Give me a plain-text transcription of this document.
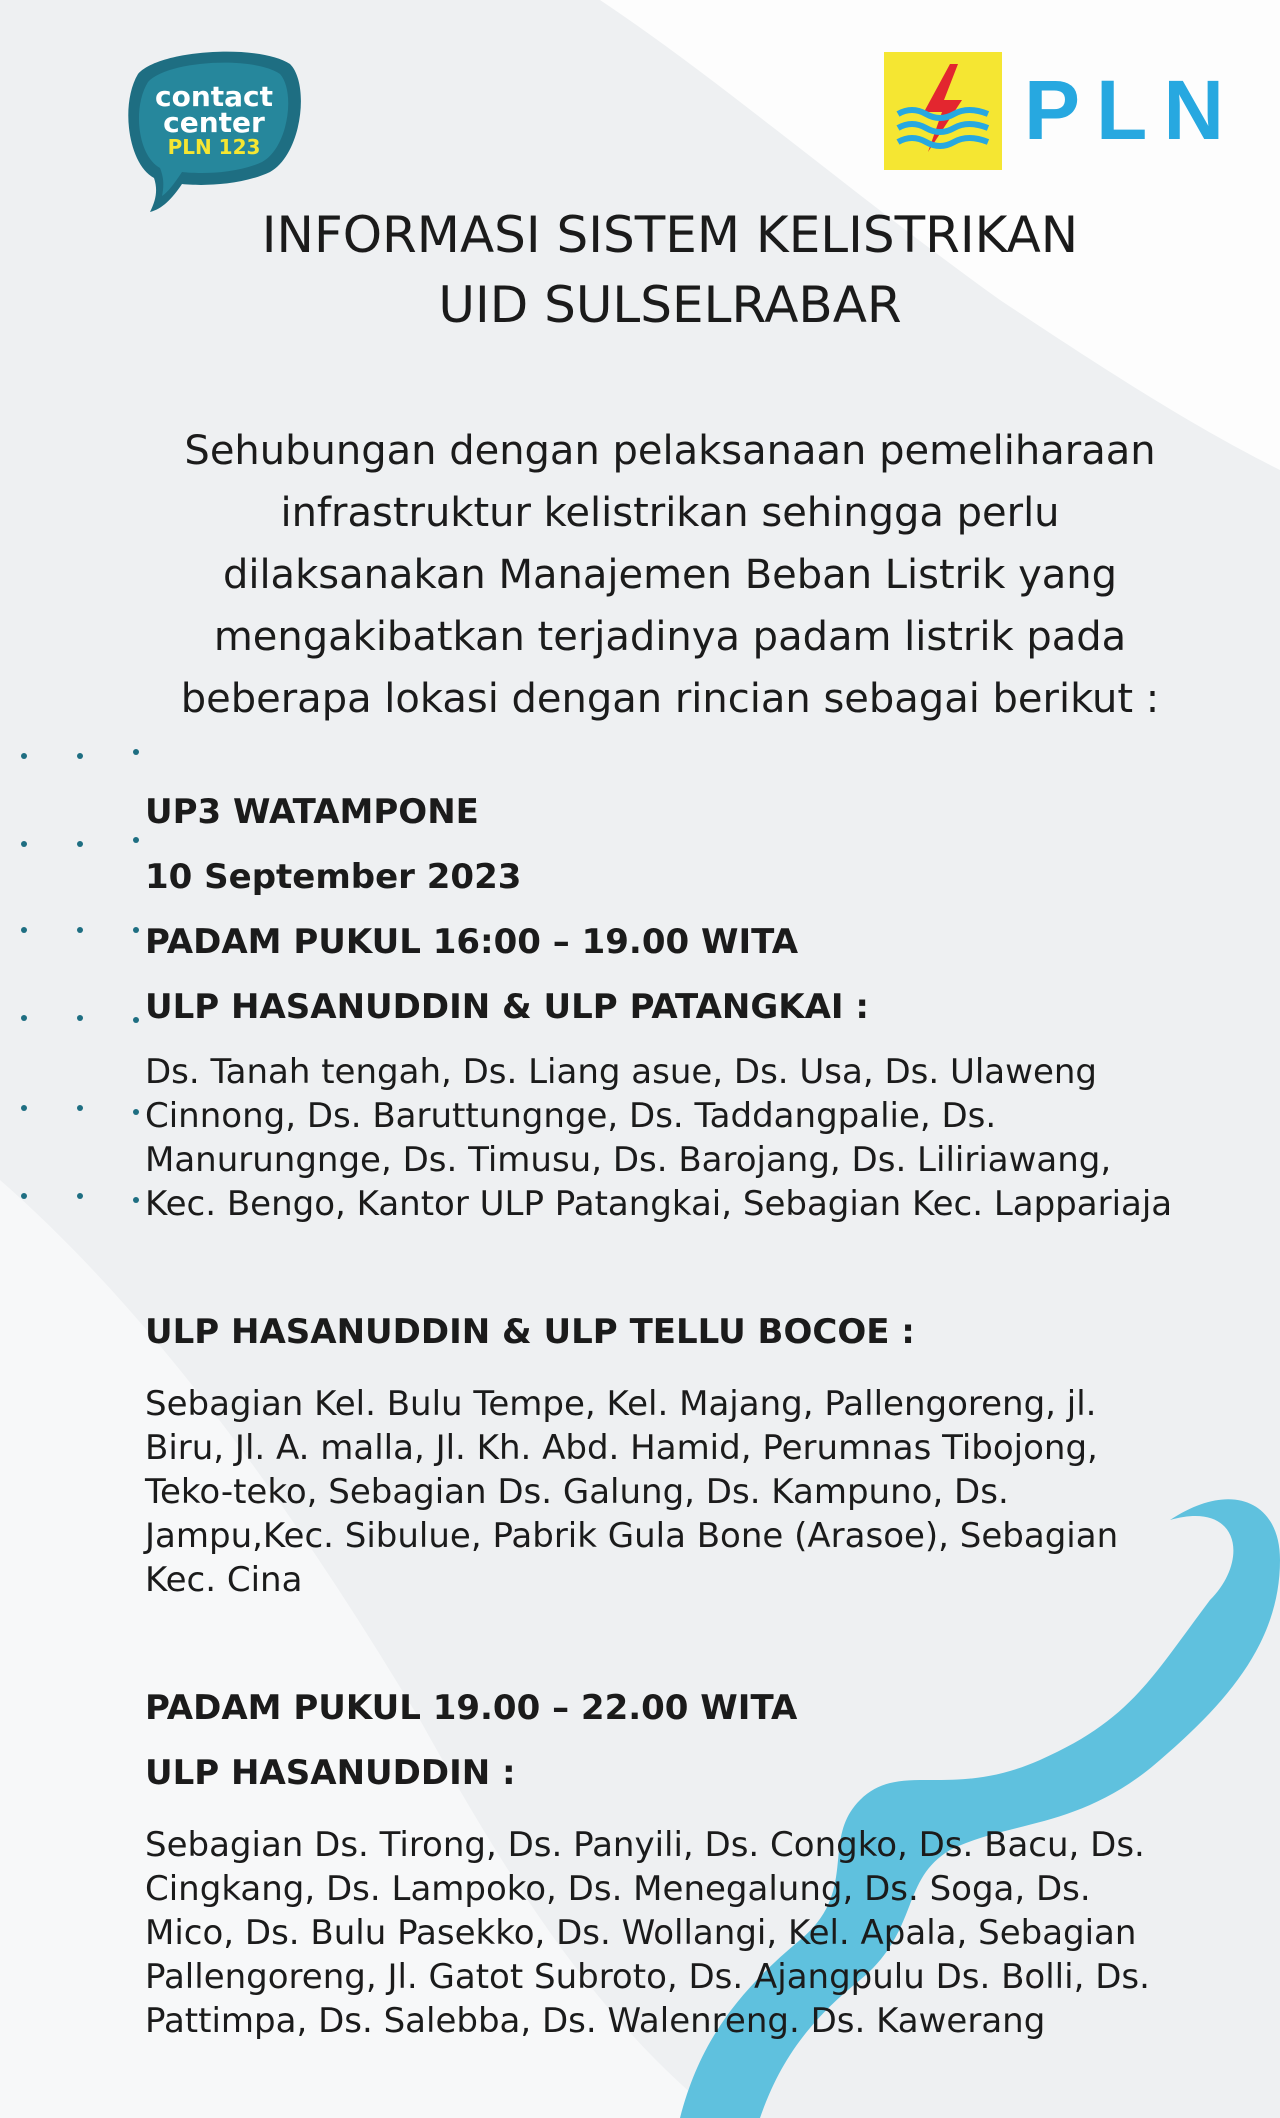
contact
center
PLN 123	PLN
INFORMASI SISTEM KELISTRIKAN
UID SULSELRABAR
Sehubungan dengan pelaksanaan pemeliharaan
infrastruktur kelistrikan sehingga perlu
dilaksanakan Manajemen Beban Listrik yang
mengakibatkan terjadinya padam listrik pada
beberapa lokasi dengan rincian sebagai berikut :
UP3 WATAMPONE
10 September 2023
PADAM PUKUL 16:00 – 19.00 WITA
ULP HASANUDDIN & ULP PATANGKAI :
Ds. Tanah tengah, Ds. Liang asue, Ds. Usa, Ds. Ulaweng
Cinnong, Ds. Baruttungnge, Ds. Taddangpalie, Ds.
Manurungnge, Ds. Timusu, Ds. Barojang, Ds. Liliriawang,
Kec. Bengo, Kantor ULP Patangkai, Sebagian Kec. Lappariaja
ULP HASANUDDIN & ULP TELLU BOCOE :
Sebagian Kel. Bulu Tempe, Kel. Majang, Pallengoreng, jl.
Biru, Jl. A. malla, Jl. Kh. Abd. Hamid, Perumnas Tibojong,
Teko-teko, Sebagian Ds. Galung, Ds. Kampuno, Ds.
Jampu,Kec. Sibulue, Pabrik Gula Bone (Arasoe), Sebagian
Kec. Cina
PADAM PUKUL 19.00 – 22.00 WITA
ULP HASANUDDIN :
Sebagian Ds. Tirong, Ds. Panyili, Ds. Congko, Ds. Bacu, Ds.
Cingkang, Ds. Lampoko, Ds. Menegalung, Ds. Soga, Ds.
Mico, Ds. Bulu Pasekko, Ds. Wollangi, Kel. Apala, Sebagian
Pallengoreng, Jl. Gatot Subroto, Ds. Ajangpulu Ds. Bolli, Ds.
Pattimpa, Ds. Salebba, Ds. Walenreng. Ds. Kawerang
